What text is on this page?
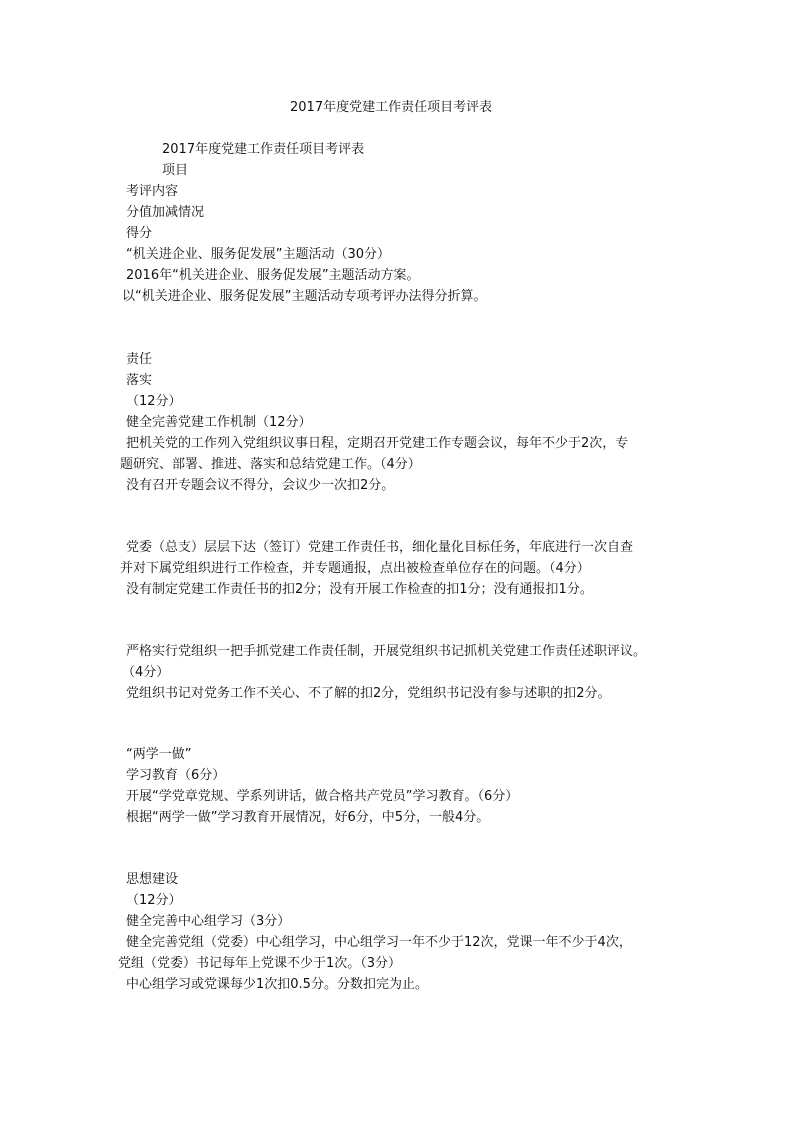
2017年度党建工作责任项目考评表

2017年度党建工作责任项目考评表

项目

考评内容

分值加减情况

得分

“机关进企业、服务促发展”主题活动（30分）

2016年“机关进企业、服务促发展”主题活动方案。

以“机关进企业、服务促发展”主题活动专项考评办法得分折算。

责任

落实

（12分）

健全完善党建工作机制（12分）

把机关党的工作列入党组织议事日程，定期召开党建工作专题会议，每年不少于2次，专

题研究、部署、推进、落实和总结党建工作。（4分）

没有召开专题会议不得分，会议少一次扣2分。

党委（总支）层层下达（签订）党建工作责任书，细化量化目标任务，年底进行一次自查

并对下属党组织进行工作检查，并专题通报，点出被检查单位存在的问题。（4分）

没有制定党建工作责任书的扣2分；没有开展工作检查的扣1分；没有通报扣1分。

严格实行党组织一把手抓党建工作责任制，开展党组织书记抓机关党建工作责任述职评议。

（4分）

党组织书记对党务工作不关心、不了解的扣2分，党组织书记没有参与述职的扣2分。

“两学一做”

学习教育（6分）

开展“学党章党规、学系列讲话，做合格共产党员”学习教育。（6分）

根据“两学一做”学习教育开展情况，好6分，中5分，一般4分。

思想建设

（12分）

健全完善中心组学习（3分）

健全完善党组（党委）中心组学习，中心组学习一年不少于12次，党课一年不少于4次，

党组（党委）书记每年上党课不少于1次。（3分）

中心组学习或党课每少1次扣0.5分。分数扣完为止。
